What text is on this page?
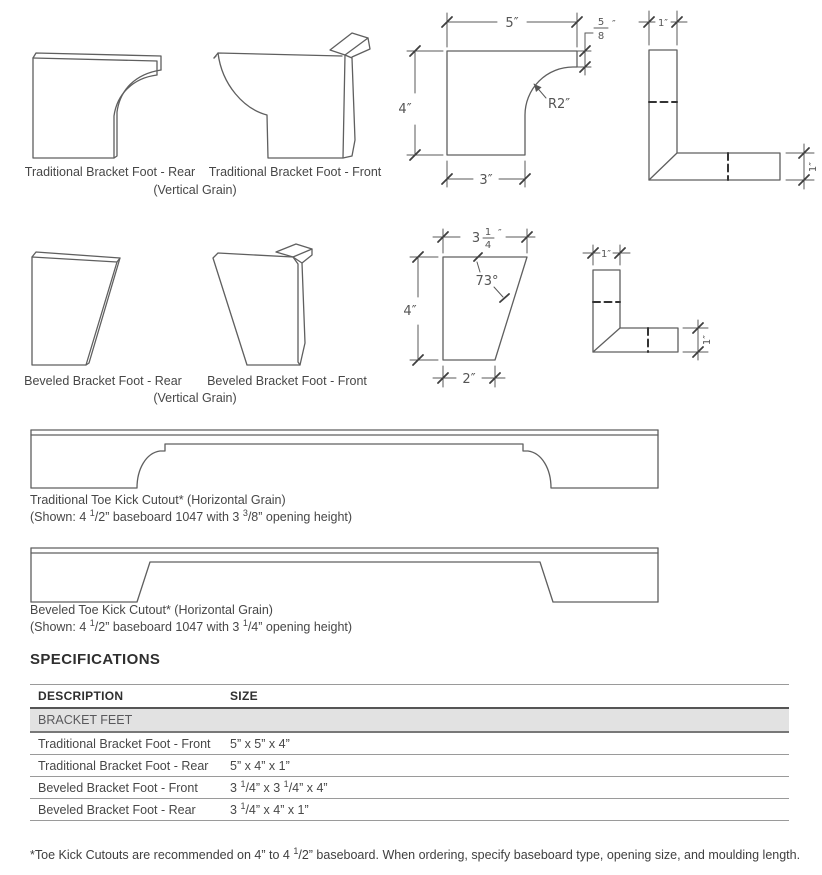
Traditional Bracket Foot - Rear	Traditional Bracket Foot - Front
(Vertical Grain)
5″
4″
3″
5
8
″
R2″
1″
1″
Beveled Bracket Foot - Rear	Beveled Bracket Foot - Front
(Vertical Grain)
3 1
4
″
4″
2″
73°
1″
1″
Traditional Toe Kick Cutout* (Horizontal Grain)
(Shown: 4 $^1$/2” baseboard 1047 with 3 $^3$/8” opening height)
Beveled Toe Kick Cutout* (Horizontal Grain)
(Shown: 4 $^1$/2” baseboard 1047 with 3 $^1$/4” opening height)
SPECIFICATIONS
DESCRIPTION	SIZE
BRACKET FEET
Traditional Bracket Foot - Front	5” x 5” x 4”
Traditional Bracket Foot - Rear	5” x 4” x 1”
Beveled Bracket Foot - Front	3 $^1$/4” x 3 $^1$/4” x 4”
Beveled Bracket Foot - Rear	3 $^1$/4” x 4” x 1”
*Toe Kick Cutouts are recommended on 4” to 4 $^1$/2” baseboard. When ordering, specify baseboard type, opening size, and moulding length.
